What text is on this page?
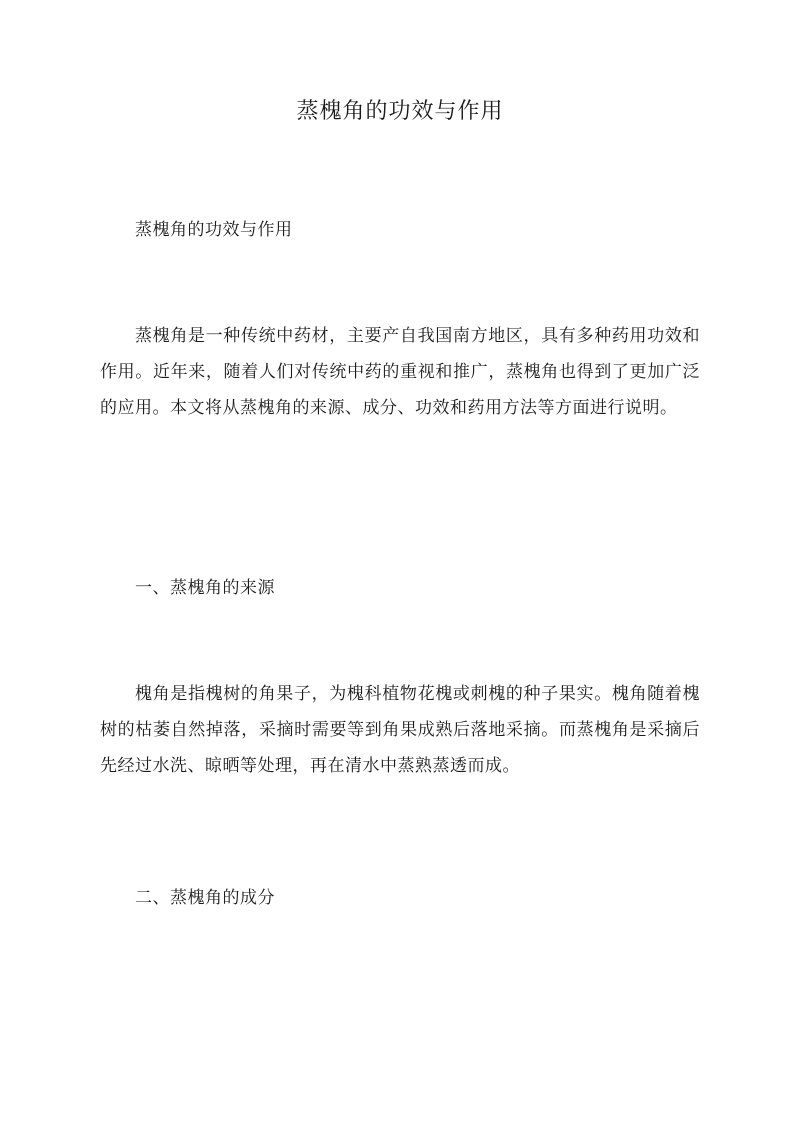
蒸槐角的功效与作用

蒸槐角的功效与作用

蒸槐角是一种传统中药材，主要产自我国南方地区，具有多种药用功效和作用。近年来，随着人们对传统中药的重视和推广，蒸槐角也得到了更加广泛的应用。本文将从蒸槐角的来源、成分、功效和药用方法等方面进行说明。

一、蒸槐角的来源

槐角是指槐树的角果子，为槐科植物花槐或刺槐的种子果实。槐角随着槐树的枯萎自然掉落，采摘时需要等到角果成熟后落地采摘。而蒸槐角是采摘后先经过水洗、晾晒等处理，再在清水中蒸熟蒸透而成。

二、蒸槐角的成分
